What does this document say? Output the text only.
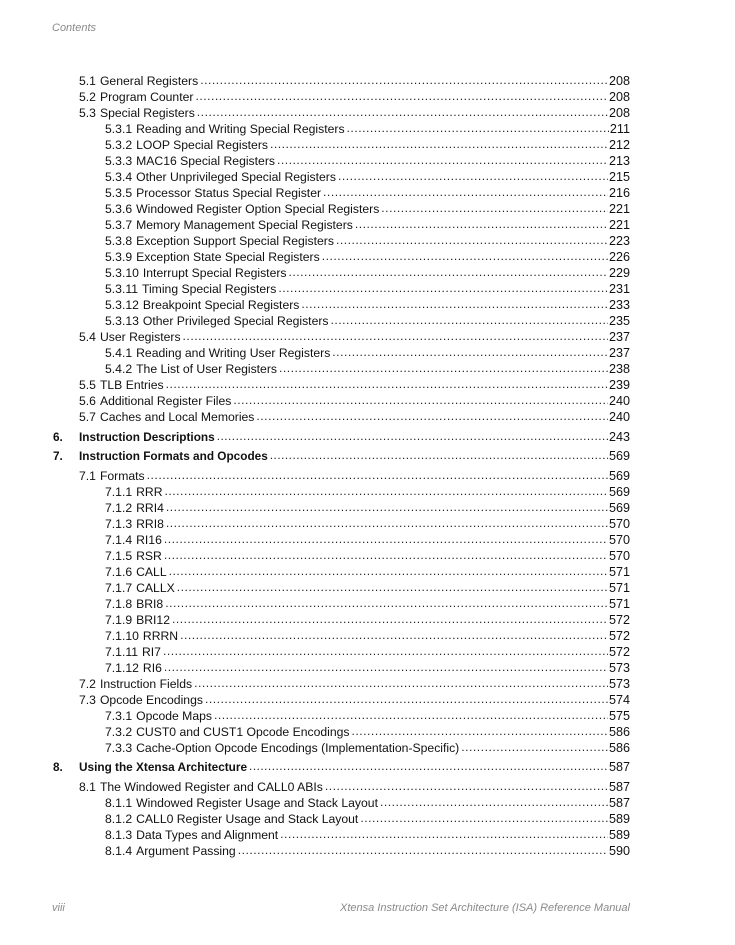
Contents
5.1 General Registers .....	208
5.2 Program Counter .....	208
5.3 Special Registers .....	208
5.3.1 Reading and Writing Special Registers .....	211
5.3.2 LOOP Special Registers .....	212
5.3.3 MAC16 Special Registers .....	213
5.3.4 Other Unprivileged Special Registers .....	215
5.3.5 Processor Status Special Register .....	216
5.3.6 Windowed Register Option Special Registers .....	221
5.3.7 Memory Management Special Registers .....	221
5.3.8 Exception Support Special Registers .....	223
5.3.9 Exception State Special Registers .....	226
5.3.10 Interrupt Special Registers .....	229
5.3.11 Timing Special Registers .....	231
5.3.12 Breakpoint Special Registers .....	233
5.3.13 Other Privileged Special Registers .....	235
5.4 User Registers .....	237
5.4.1 Reading and Writing User Registers .....	237
5.4.2 The List of User Registers .....	238
5.5 TLB Entries .....	239
5.6 Additional Register Files .....	240
5.7 Caches and Local Memories .....	240
6.	Instruction Descriptions .....	243
7.	Instruction Formats and Opcodes .....	569
7.1 Formats .....	569
7.1.1 RRR .....	569
7.1.2 RRI4 .....	569
7.1.3 RRI8 .....	570
7.1.4 RI16 .....	570
7.1.5 RSR .....	570
7.1.6 CALL .....	571
7.1.7 CALLX .....	571
7.1.8 BRI8 .....	571
7.1.9 BRI12 .....	572
7.1.10 RRRN .....	572
7.1.11 RI7 .....	572
7.1.12 RI6 .....	573
7.2 Instruction Fields .....	573
7.3 Opcode Encodings .....	574
7.3.1 Opcode Maps .....	575
7.3.2 CUST0 and CUST1 Opcode Encodings .....	586
7.3.3 Cache-Option Opcode Encodings (Implementation-Specific) .....	586
8.	Using the Xtensa Architecture .....	587
8.1 The Windowed Register and CALL0 ABIs .....	587
8.1.1 Windowed Register Usage and Stack Layout .....	587
8.1.2 CALL0 Register Usage and Stack Layout .....	589
8.1.3 Data Types and Alignment .....	589
8.1.4 Argument Passing .....	590
viii	Xtensa Instruction Set Architecture (ISA) Reference Manual
